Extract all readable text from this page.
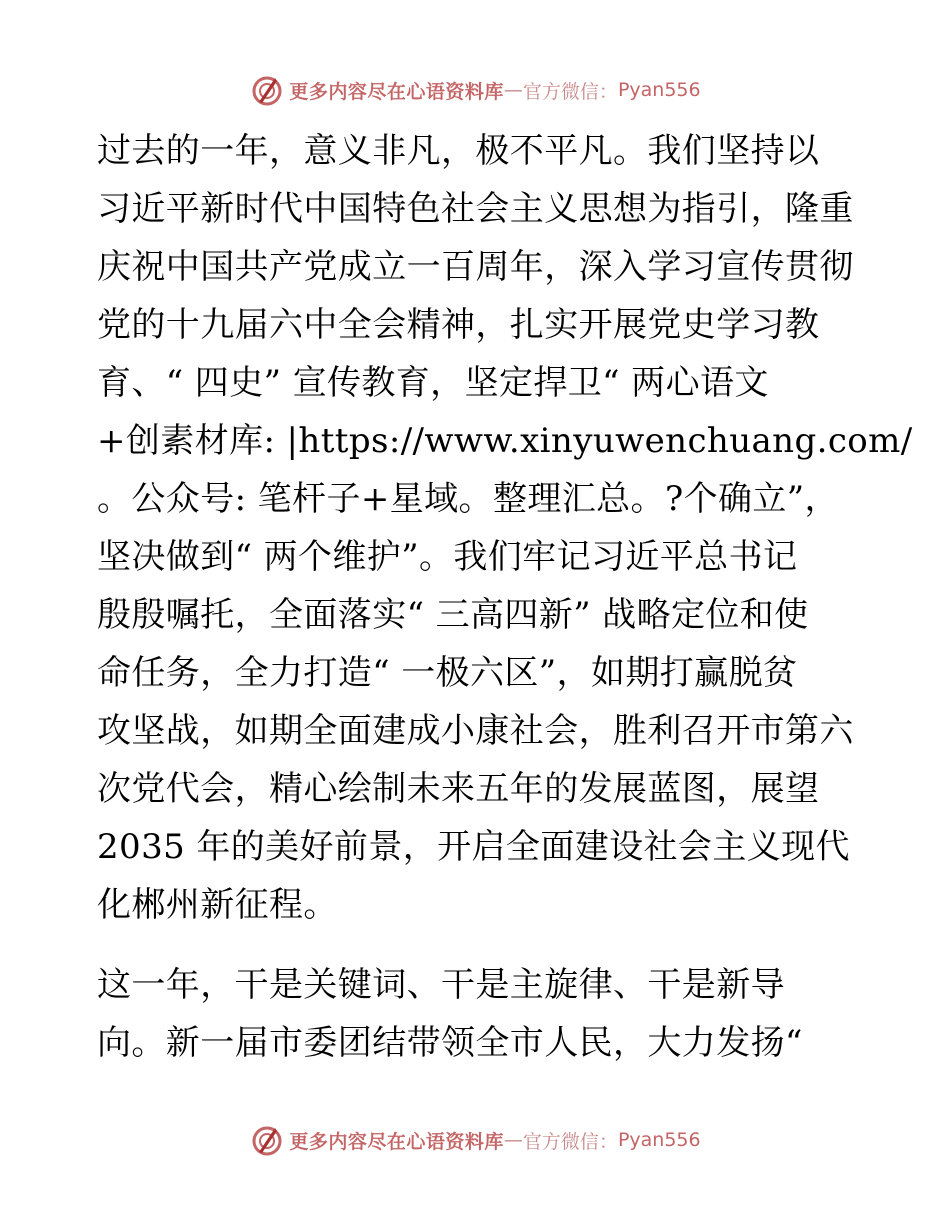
更多内容尽在心语资料库 — 官方微信： Pyan556
过去的一年，意义非凡，极不平凡。我们坚持以
习近平新时代中国特色社会主义思想为指引，隆重
庆祝中国共产党成立一百周年，深入学习宣传贯彻
党的十九届六中全会精神，扎实开展党史学习教
育、“ 四史” 宣传教育，坚定捍卫“ 两心语文
+创素材库: |https://www.xinyuwenchuang.com/
。公众号: 笔杆子+星域。整理汇总。?个确立”，
坚决做到“ 两个维护”。我们牢记习近平总书记
殷殷嘱托，全面落实“ 三高四新” 战略定位和使
命任务，全力打造“ 一极六区”，如期打赢脱贫
攻坚战，如期全面建成小康社会，胜利召开市第六
次党代会，精心绘制未来五年的发展蓝图，展望
2035 年的美好前景，开启全面建设社会主义现代
化郴州新征程。
这一年，干是关键词、干是主旋律、干是新导
向。新一届市委团结带领全市人民，大力发扬“
更多内容尽在心语资料库 — 官方微信： Pyan556
